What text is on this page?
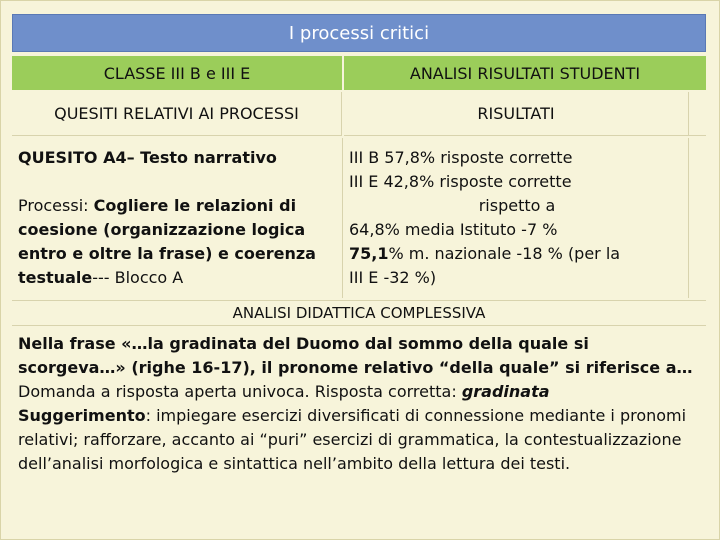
I processi critici
CLASSE III B e III E	ANALISI RISULTATI STUDENTI
QUESITI RELATIVI AI PROCESSI	RISULTATI
QUESITO A4– Testo narrativo
Processi: Cogliere le relazioni di coesione (organizzazione logica entro e oltre la frase) e coerenza testuale--- Blocco A
III B 57,8% risposte corrette
III E 42,8% risposte corrette
rispetto a
64,8% media Istituto -7 %
75,1% m. nazionale -18 % (per la
III E -32 %)
ANALISI DIDATTICA COMPLESSIVA
Nella frase «…la gradinata del Duomo dal sommo della quale si scorgeva…» (righe 16-17), il pronome relativo “della quale” si riferisce a…
Domanda a risposta aperta univoca. Risposta corretta: gradinata
Suggerimento: impiegare esercizi diversificati di connessione mediante i pronomi relativi; rafforzare, accanto ai “puri” esercizi di grammatica, la contestualizzazione dell’analisi morfologica e sintattica nell’ambito della lettura dei testi.
